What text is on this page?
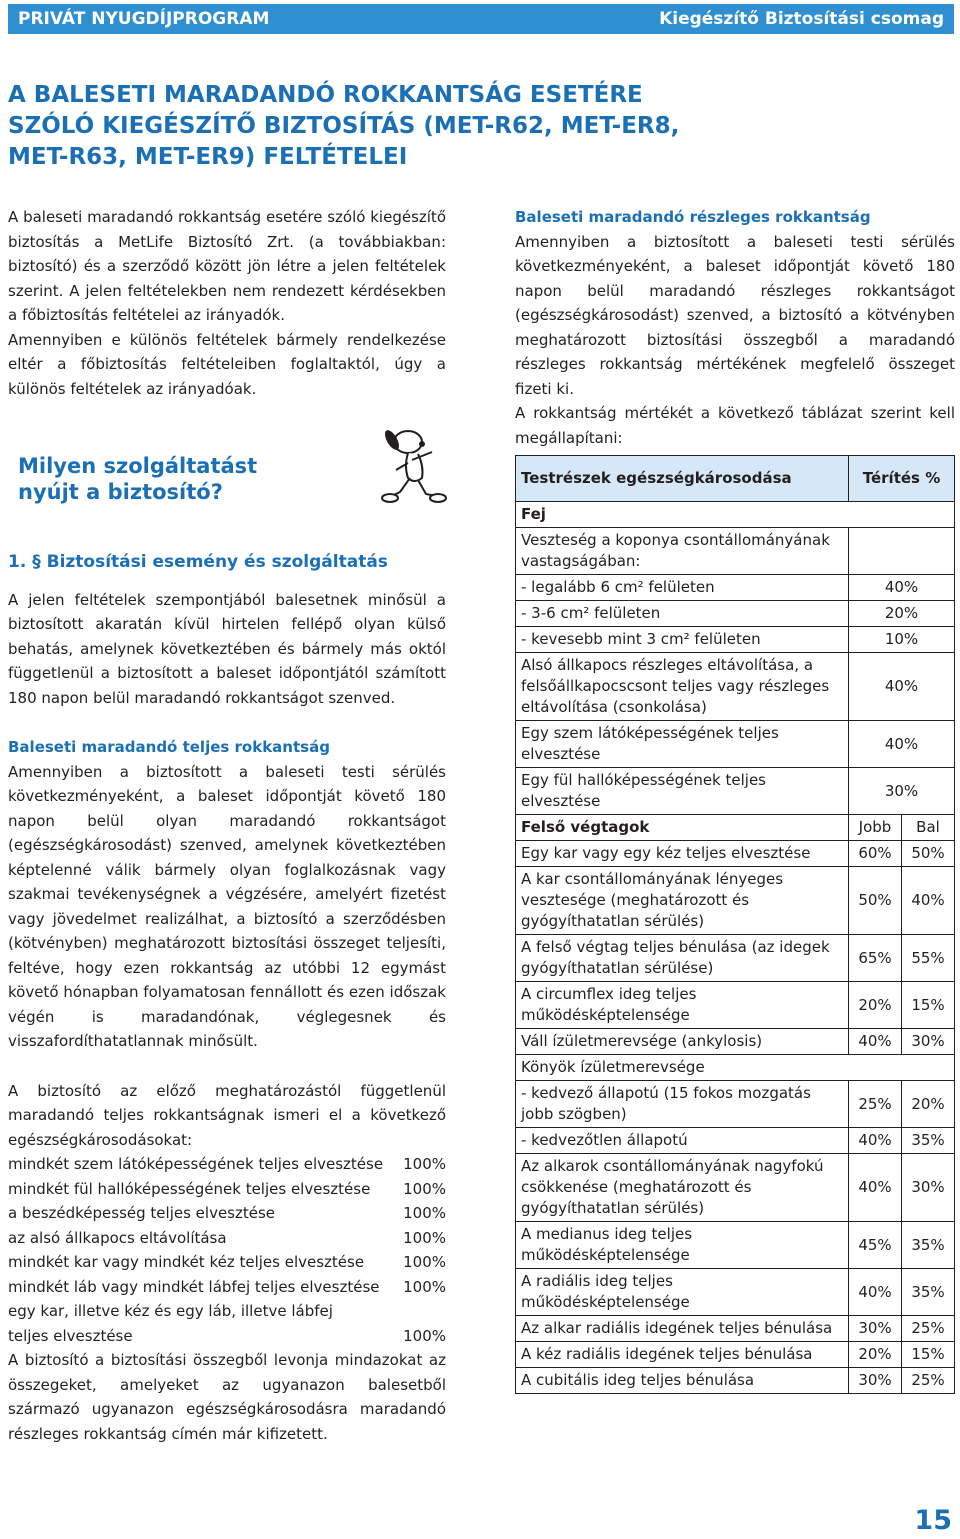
PRIVÁT NYUGDÍJPROGRAM	Kiegészítő Biztosítási csomag
A BALESETI MARADANDÓ ROKKANTSÁG ESETÉRE
SZÓLÓ KIEGÉSZÍTŐ BIZTOSÍTÁS (MET-R62, MET-ER8,
MET-R63, MET-ER9) FELTÉTELEI
A baleseti maradandó rokkantság esetére szóló kiegészítő biztosítás a MetLife Biztosító Zrt. (a továbbiakban: biztosító) és a szerződő között jön létre a jelen feltételek szerint. A jelen feltételekben nem rendezett kérdésekben a főbiztosítás feltételei az irányadók.
Amennyiben e különös feltételek bármely rendelkezése eltér a főbiztosítás feltételeiben foglaltaktól, úgy a különös feltételek az irányadóak.
Milyen szolgáltatást
nyújt a biztosító?
1. § Biztosítási esemény és szolgáltatás
A jelen feltételek szempontjából balesetnek minősül a biztosított akaratán kívül hirtelen fellépő olyan külső behatás, amelynek következtében és bármely más októl függetlenül a biztosított a baleset időpontjától számított 180 napon belül maradandó rokkantságot szenved.
Baleseti maradandó teljes rokkantság
Amennyiben a biztosított a baleseti testi sérülés következményeként, a baleset időpontját követő 180 napon belül olyan maradandó rokkantságot (egészségkárosodást) szenved, amelynek következtében képtelenné válik bármely olyan foglalkozásnak vagy szakmai tevékenységnek a végzésére, amelyért fizetést vagy jövedelmet realizálhat, a biztosító a szerződésben (kötvényben) meghatározott biztosítási összeget teljesíti, feltéve, hogy ezen rokkantság az utóbbi 12 egymást követő hónapban folyamatosan fennállott és ezen időszak végén is maradandónak, véglegesnek és visszafordíthatatlannak minősült.
A biztosító az előző meghatározástól függetlenül maradandó teljes rokkantságnak ismeri el a következő egészségkárosodásokat:
mindkét szem látóképességének teljes elvesztése 100%
mindkét fül hallóképességének teljes elvesztése 100%
a beszédképesség teljes elvesztése	100%
az alsó állkapocs eltávolítása	100%
mindkét kar vagy mindkét kéz teljes elvesztése	100%
mindkét láb vagy mindkét lábfej teljes elvesztése 100%
egy kar, illetve kéz és egy láb, illetve lábfej
teljes elvesztése	100%
A biztosító a biztosítási összegből levonja mindazokat az összegeket, amelyeket az ugyanazon balesetből származó ugyanazon egészségkárosodásra maradandó részleges rokkantság címén már kifizetett.
Baleseti maradandó részleges rokkantság
Amennyiben a biztosított a baleseti testi sérülés következményeként, a baleset időpontját követő 180 napon belül maradandó részleges rokkantságot (egészségkárosodást) szenved, a biztosító a kötvényben meghatározott biztosítási összegből a maradandó részleges rokkantság mértékének megfelelő összeget fizeti ki.
A rokkantság mértékét a következő táblázat szerint kell megállapítani:
Testrészek egészségkárosodása	Térítés %	
Fej		
Veszteség a koponya csontállományának vastagságában:		
- legalább 6 cm² felületen	40%	
- 3-6 cm² felületen	20%	
- kevesebb mint 3 cm² felületen	10%	
Alsó állkapocs részleges eltávolítása, a felsőállkapocscsont teljes vagy részleges eltávolítása (csonkolása)	40%	
Egy szem látóképességének teljes elvesztése	40%	
Egy fül hallóképességének teljes elvesztése	30%	
Felső végtagok	Jobb	Bal
Egy kar vagy egy kéz teljes elvesztése	60%	50%
A kar csontállományának lényeges vesztesége (meghatározott és gyógyíthatatlan sérülés)	50%	40%
A felső végtag teljes bénulása (az idegek gyógyíthatatlan sérülése)	65%	55%
A circumflex ideg teljes működésképtelensége	20%	15%
Váll ízületmerevsége (ankylosis)	40%	30%
Könyök ízületmerevsége		
- kedvező állapotú (15 fokos mozgatás jobb szögben)	25%	20%
- kedvezőtlen állapotú	40%	35%
Az alkarok csontállományának nagyfokú csökkenése (meghatározott és gyógyíthatatlan sérülés)	40%	30%
A medianus ideg teljes működésképtelensége	45%	35%
A radiális ideg teljes működésképtelensége	40%	35%
Az alkar radiális idegének teljes bénulása	30%	25%
A kéz radiális idegének teljes bénulása	20%	15%
A cubitális ideg teljes bénulása	30%	25%
15
